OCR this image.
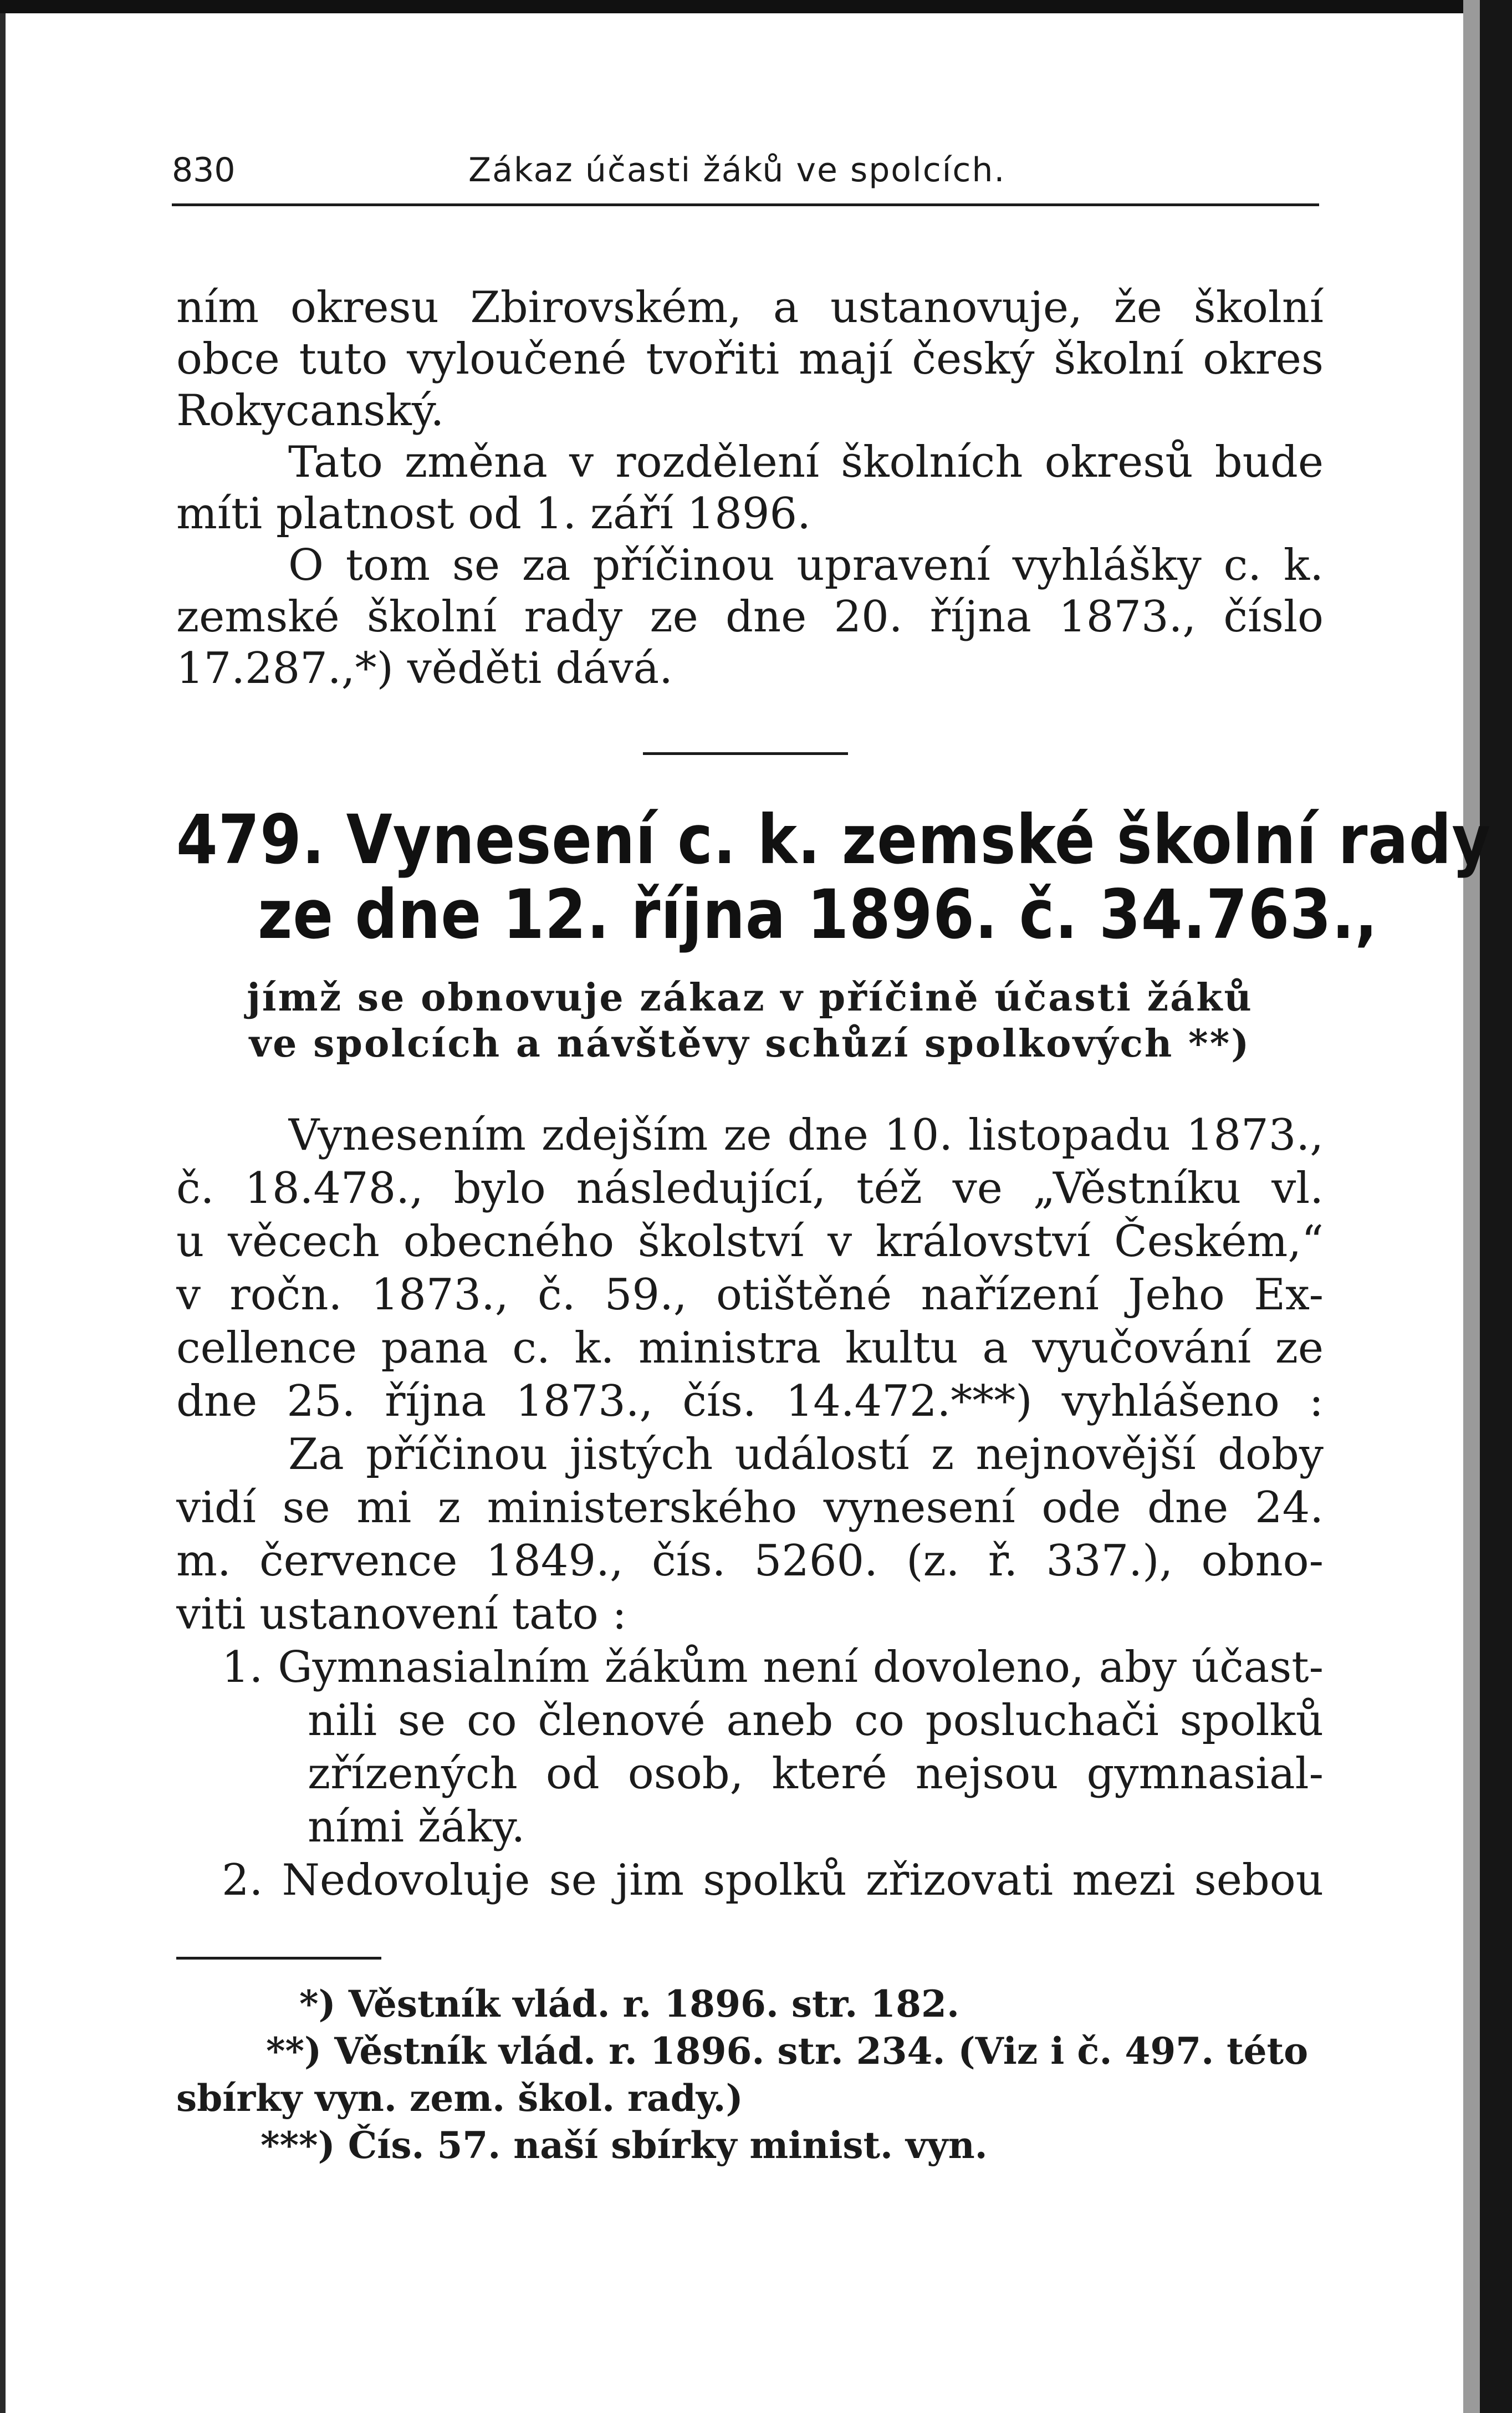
830	Zákaz účasti žáků ve spolcích.
ním okresu Zbirovském, a ustanovuje, že školní
obce tuto vyloučené tvořiti mají český školní okres
Rokycanský.
Tato změna v rozdělení školních okresů bude
míti platnost od 1. září 1896.
O tom se za příčinou upravení vyhlášky c. k.
zemské školní rady ze dne 20. října 1873., číslo
17.287.,*) věděti dává.
479. Vynesení c. k. zemské školní rady
ze dne 12. října 1896. č. 34.763.,
jímž se obnovuje zákaz v příčině účasti žáků
ve spolcích a návštěvy schůzí spolkových **)
Vynesením zdejším ze dne 10. listopadu 1873.,
č. 18.478., bylo následující, též ve „Věstníku vl.
u věcech obecného školství v království Českém,“
v ročn. 1873., č. 59., otištěné nařízení Jeho Ex-
cellence pana c. k. ministra kultu a vyučování ze
dne 25. října 1873., čís. 14.472.***) vyhlášeno :
Za příčinou jistých událostí z nejnovější doby
vidí se mi z ministerského vynesení ode dne 24.
m. července 1849., čís. 5260. (z. ř. 337.), obno-
viti ustanovení tato :
1. Gymnasialním žákům není dovoleno, aby účast-
nili se co členové aneb co posluchači spolků
zřízených od osob, které nejsou gymnasial-
ními žáky.
2. Nedovoluje se jim spolků zřizovati mezi sebou
*) Věstník vlád. r. 1896. str. 182.
**) Věstník vlád. r. 1896. str. 234. (Viz i č. 497. této
sbírky vyn. zem. škol. rady.)
***) Čís. 57. naší sbírky minist. vyn.
